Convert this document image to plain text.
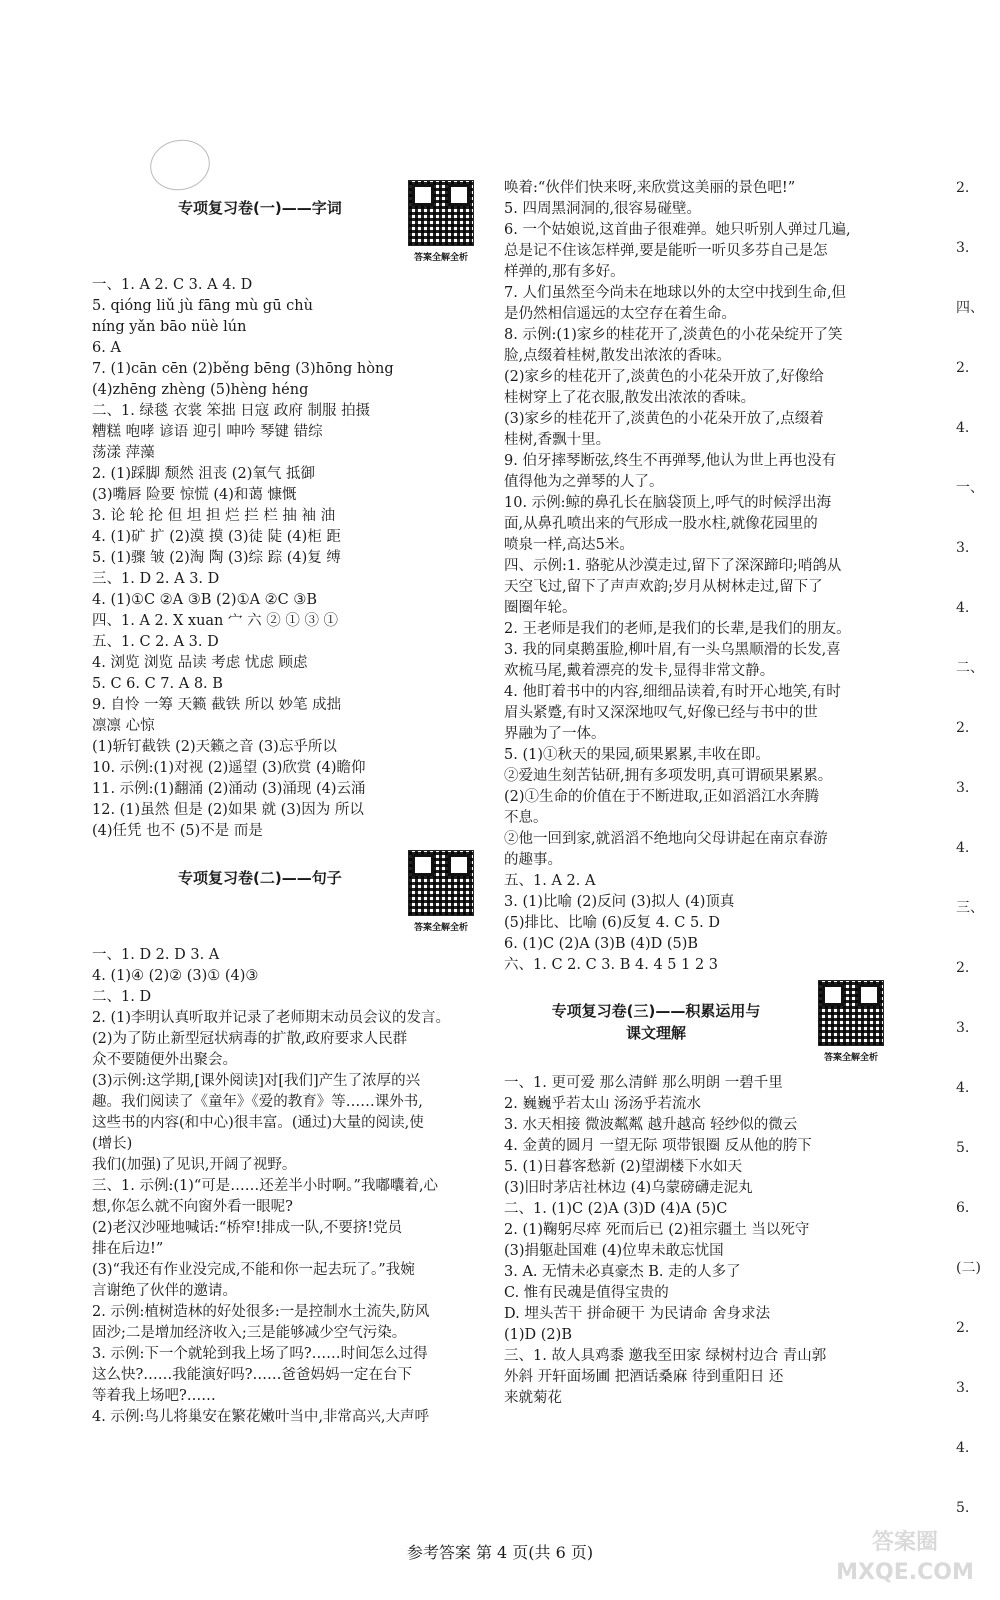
专项复习卷(一)——字词
答案全解全析
一、1. A 2. C 3. A 4. D
5. qióng liǔ jù fāng mù gū chù
níng yǎn bāo nüè lún
6. A
7. (1)cān cēn (2)běng bēng (3)hōng hòng
(4)zhēng zhèng (5)hèng héng
二、1. 绿毯 衣裳 笨拙 日寇 政府 制服 拍摄
糟糕 咆哮 谚语 迎引 呻吟 琴键 错综
荡漾 萍藻
2. (1)踩脚 颓然 沮丧 (2)氧气 抵御
(3)嘴唇 险要 惊慌 (4)和蔼 慷慨
3. 论 轮 抡 但 坦 担 烂 拦 栏 抽 袖 油
4. (1)矿 扩 (2)漠 摸 (3)徒 陡 (4)柜 距
5. (1)骤 皱 (2)淘 陶 (3)综 踪 (4)复 缚
三、1. D 2. A 3. D
4. (1)①C ②A ③B (2)①A ②C ③B
四、1. A 2. X xuan 宀 六 ② ① ③ ①
五、1. C 2. A 3. D
4. 浏览 浏览 品读 考虑 忧虑 顾虑
5. C 6. C 7. A 8. B
9. 自怜 一筹 天籁 截铁 所以 妙笔 成拙
凛凛 心惊
(1)斩钉截铁 (2)天籁之音 (3)忘乎所以
10. 示例:(1)对视 (2)遥望 (3)欣赏 (4)瞻仰
11. 示例:(1)翻涌 (2)涌动 (3)涌现 (4)云涌
12. (1)虽然 但是 (2)如果 就 (3)因为 所以
(4)任凭 也不 (5)不是 而是
专项复习卷(二)——句子
答案全解全析
一、1. D 2. D 3. A
4. (1)④ (2)② (3)① (4)③
二、1. D
2. (1)李明认真听取并记录了老师期末动员会议的发言。
(2)为了防止新型冠状病毒的扩散,政府要求人民群
众不要随便外出聚会。
(3)示例:这学期,[课外阅读]对[我们]产生了浓厚的兴
趣。我们阅读了《童年》《爱的教育》等……课外书,
这些书的内容(和中心)很丰富。(通过)大量的阅读,使
(增长)
我们(加强)了见识,开阔了视野。
三、1. 示例:(1)“可是……还差半小时啊。”我嘟囔着,心
想,你怎么就不向窗外看一眼呢?
(2)老汉沙哑地喊话:“桥窄!排成一队,不要挤!党员
排在后边!”
(3)“我还有作业没完成,不能和你一起去玩了。”我婉
言谢绝了伙伴的邀请。
2. 示例:植树造林的好处很多:一是控制水土流失,防风
固沙;二是增加经济收入;三是能够减少空气污染。
3. 示例:下一个就轮到我上场了吗?……时间怎么过得
这么快?……我能演好吗?……爸爸妈妈一定在台下
等着我上场吧?……
4. 示例:鸟儿将巢安在繁花嫩叶当中,非常高兴,大声呼
唤着:“伙伴们快来呀,来欣赏这美丽的景色吧!”
5. 四周黑洞洞的,很容易碰壁。
6. 一个姑娘说,这首曲子很难弹。她只听别人弹过几遍,
总是记不住该怎样弹,要是能听一听贝多芬自己是怎
样弹的,那有多好。
7. 人们虽然至今尚未在地球以外的太空中找到生命,但
是仍然相信遥远的太空存在着生命。
8. 示例:(1)家乡的桂花开了,淡黄色的小花朵绽开了笑
脸,点缀着桂树,散发出浓浓的香味。
(2)家乡的桂花开了,淡黄色的小花朵开放了,好像给
桂树穿上了花衣服,散发出浓浓的香味。
(3)家乡的桂花开了,淡黄色的小花朵开放了,点缀着
桂树,香飘十里。
9. 伯牙摔琴断弦,终生不再弹琴,他认为世上再也没有
值得他为之弹琴的人了。
10. 示例:鲸的鼻孔长在脑袋顶上,呼气的时候浮出海
面,从鼻孔喷出来的气形成一股水柱,就像花园里的
喷泉一样,高达5米。
四、示例:1. 骆驼从沙漠走过,留下了深深蹄印;哨鸽从
天空飞过,留下了声声欢韵;岁月从树林走过,留下了
圈圈年轮。
2. 王老师是我们的老师,是我们的长辈,是我们的朋友。
3. 我的同桌鹅蛋脸,柳叶眉,有一头乌黑顺滑的长发,喜
欢梳马尾,戴着漂亮的发卡,显得非常文静。
4. 他盯着书中的内容,细细品读着,有时开心地笑,有时
眉头紧蹙,有时又深深地叹气,好像已经与书中的世
界融为了一体。
5. (1)①秋天的果园,硕果累累,丰收在即。
②爱迪生刻苦钻研,拥有多项发明,真可谓硕果累累。
(2)①生命的价值在于不断进取,正如滔滔江水奔腾
不息。
②他一回到家,就滔滔不绝地向父母讲起在南京春游
的趣事。
五、1. A 2. A
3. (1)比喻 (2)反问 (3)拟人 (4)顶真
(5)排比、比喻 (6)反复 4. C 5. D
6. (1)C (2)A (3)B (4)D (5)B
六、1. C 2. C 3. B 4. 4 5 1 2 3
专项复习卷(三)——积累运用与
课文理解
答案全解全析
一、1. 更可爱 那么清鲜 那么明朗 一碧千里
2. 巍巍乎若太山 汤汤乎若流水
3. 水天相接 微波粼粼 越升越高 轻纱似的微云
4. 金黄的圆月 一望无际 项带银圈 反从他的胯下
5. (1)日暮客愁新 (2)望湖楼下水如天
(3)旧时茅店社林边 (4)乌蒙磅礴走泥丸
二、1. (1)C (2)A (3)D (4)A (5)C
2. (1)鞠躬尽瘁 死而后已 (2)祖宗疆土 当以死守
(3)捐躯赴国难 (4)位卑未敢忘忧国
3. A. 无情未必真豪杰 B. 走的人多了
C. 惟有民魂是值得宝贵的
D. 埋头苦干 拼命硬干 为民请命 舍身求法
(1)D (2)B
三、1. 故人具鸡黍 邀我至田家 绿树村边合 青山郭
外斜 开轩面场圃 把酒话桑麻 待到重阳日 还
来就菊花
2.
3.
四、
2.
4.
一、
3.
4.
二、
2.
3.
4.
三、
2.
3.
4.
5.
6.
(二)
2.
3.
4.
5.
参考答案 第 4 页(共 6 页)	答案圈 MXQE.COM
